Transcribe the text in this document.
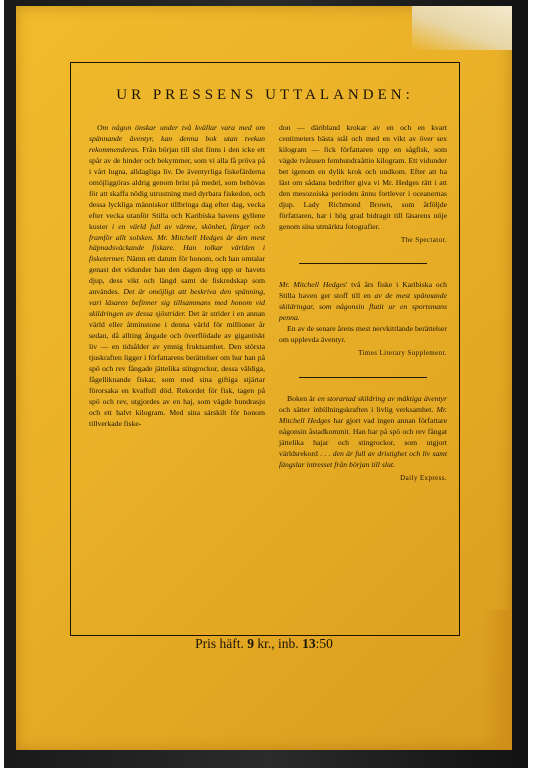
UR PRESSENS UTTALANDEN:

Om någon önskar under två kvällar vara med om spännande äventyr, kan denna bok utan tvekan rekommenderas. Från början till slut finns i den icke ett spår av de hinder och bekymmer, som vi alla få pröva på i vårt lugna, alldagliga liv. De äventyrliga fiskefärderna omöjliggöras aldrig genom brist på medel, som behövas för att skaffa nödig utrustning med dyrbara fiskedon, och dessa lyckliga människor tillbringa dag efter dag, vecka efter vecka utanför Stilla och Karibiska havens gyllene kuster i en värld full av värme, skönhet, färger och framför allt solsken. Mr. Mitchell Hedges är den mest häpnadsväckande fiskare. Han tolkar världen i fisketermer. Nämn ett datum för honom, och han omtalar genast det vidunder han den dagen drog upp ur havets djup, dess vikt och längd samt de fiskredskap som användes. Det är omöjligt att beskriva den spänning, vari läsaren befinner sig tillsammans med honom vid skildringen av dessa sjöstrider. Det är strider i en annan värld eller åtminstone i denna värld för millioner år sedan, då allting ångade och överflödade av gigantiskt liv — en tidsålder av ymnig fruktsamhet. Den största tjuskraften ligger i författarens berättelser om hur han på spö och rev fångade jättelika stingrockor, dessa väldiga, fågelliknande fiskar, som med sina giftiga stjärtar förorsaka en kvalfull död. Rekordet för fisk, tagen på spö och rev, utgjordes av en haj, som vägde hundrasju och ett halvt kilogram. Med sina särskilt för honom tillverkade fiske-

don — däribland krokar av en och en kvart centimeters bästa stål och med en vikt av över sex kilogram — fick författaren upp en sågfisk, som vägde tvåtusen femhundraåttio kilogram. Ett vidunder bet igenom en dylik krok och undkom. Efter att ha läst om sådana bedrifter giva vi Mr. Hedges rätt i att den mesozoiska perioden ännu fortlever i oceanernas djup. Lady Richmond Brown, som åtföljde författaren, har i hög grad bidragit till läsarens nöje genom sina utmärkta fotografier.

The Spectator.

Mr. Mitchell Hedges' två års fiske i Karibiska och Stilla haven ger stoff till en av de mest spännande skildringar, som någonsin flutit ur en sportsmans penna.

En av de senare årens mest nervkittlande berättelser om upplevda äventyr.

Times Literary Supplement.

Boken är en storartad skildring av mäktiga äventyr och sätter inbillningskraften i livlig verksamhet. Mr. Mitchell Hedges har gjort vad ingen annan författare någonsin åstadkommit. Han har på spö och rev fångat jättelika hajar och stingrockor, som utgjort världsrekord . . . den är full av dristighet och liv samt fängslar intresset från början till slut.

Daily Express.
Pris häft. 9 kr., inb. 13:50
